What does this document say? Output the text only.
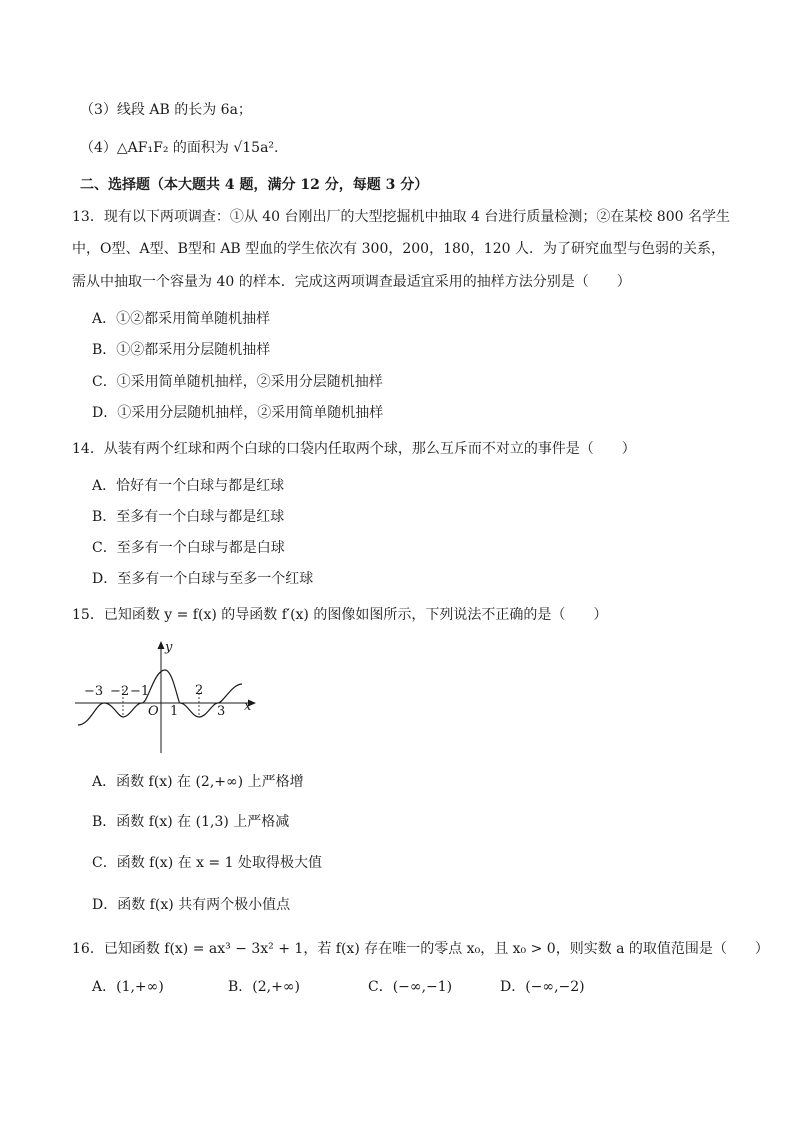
（3）线段 AB 的长为 6a；
（4）△AF₁F₂ 的面积为 √15a².
二、选择题（本大题共 4 题，满分 12 分，每题 3 分）
13．现有以下两项调查：①从 40 台刚出厂的大型挖掘机中抽取 4 台进行质量检测；②在某校 800 名学生
中，O型、A型、B型和 AB 型血的学生依次有 300，200，180，120 人．为了研究血型与色弱的关系，
需从中抽取一个容量为 40 的样本．完成这两项调查最适宜采用的抽样方法分别是（　　）
A．①②都采用简单随机抽样
B．①②都采用分层随机抽样
C．①采用简单随机抽样，②采用分层随机抽样
D．①采用分层随机抽样，②采用简单随机抽样
14．从装有两个红球和两个白球的口袋内任取两个球，那么互斥而不对立的事件是（　　）
A．恰好有一个白球与都是红球
B．至多有一个白球与都是红球
C．至多有一个白球与都是白球
D．至多有一个白球与至多一个红球
15．已知函数 y = f(x) 的导函数 f′(x) 的图像如图所示，下列说法不正确的是（　　）
y
x
O
−3 −2 −1
1
2
3
A．函数 f(x) 在 (2,+∞) 上严格增
B．函数 f(x) 在 (1,3) 上严格减
C．函数 f(x) 在 x = 1 处取得极大值
D．函数 f(x) 共有两个极小值点
16．已知函数 f(x) = ax³ − 3x² + 1，若 f(x) 存在唯一的零点 x₀，且 x₀ > 0，则实数 a 的取值范围是（　　）
A．(1,+∞)	B．(2,+∞)	C．(−∞,−1)	D．(−∞,−2)
